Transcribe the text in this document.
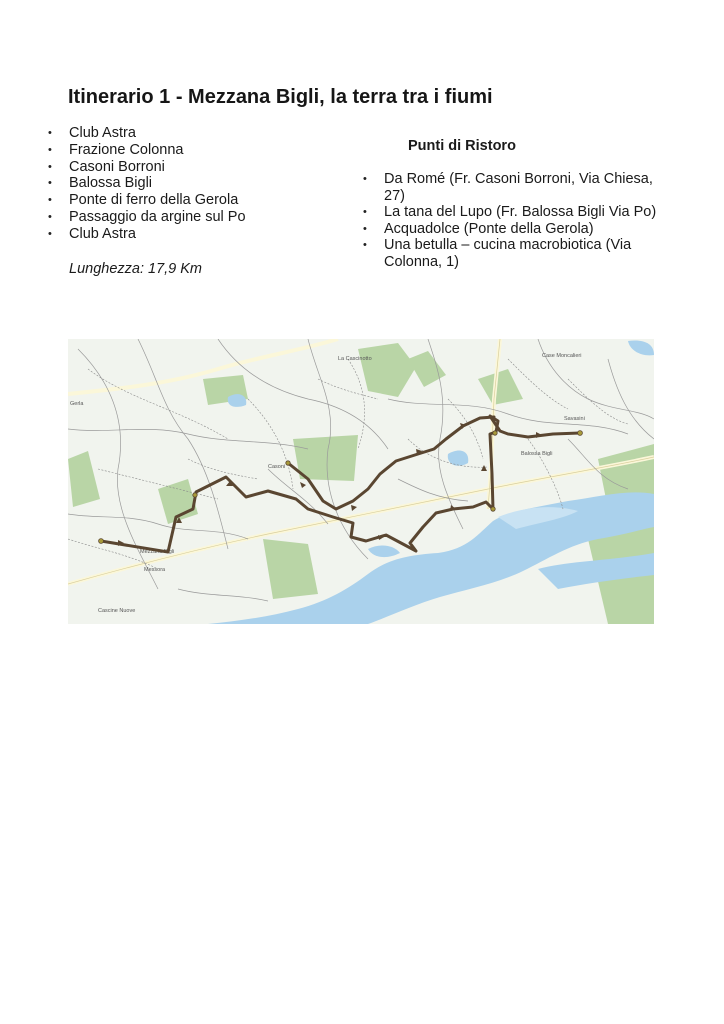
Itinerario 1 - Mezzana Bigli, la terra tra i fiumi
• Club Astra
• Frazione Colonna
• Casoni Borroni
• Balossa Bigli
• Ponte di ferro della Gerola
• Passaggio da argine sul Po
• Club Astra
Lunghezza: 17,9 Km
Punti di Ristoro
• Da Romé (Fr. Casoni Borroni, Via Chiesa, 27)
• La tana del Lupo (Fr. Balossa Bigli Via Po)
• Acquadolce (Ponte della Gerola)
• Una betulla – cucina macrobiotica (Via Colonna, 1)
La Cascinotto	Case Moncalieri
Gerla
Casoni
Balossa Bigli
Savasini
Mezzana Bigli
Messora
Cascine Nuove
